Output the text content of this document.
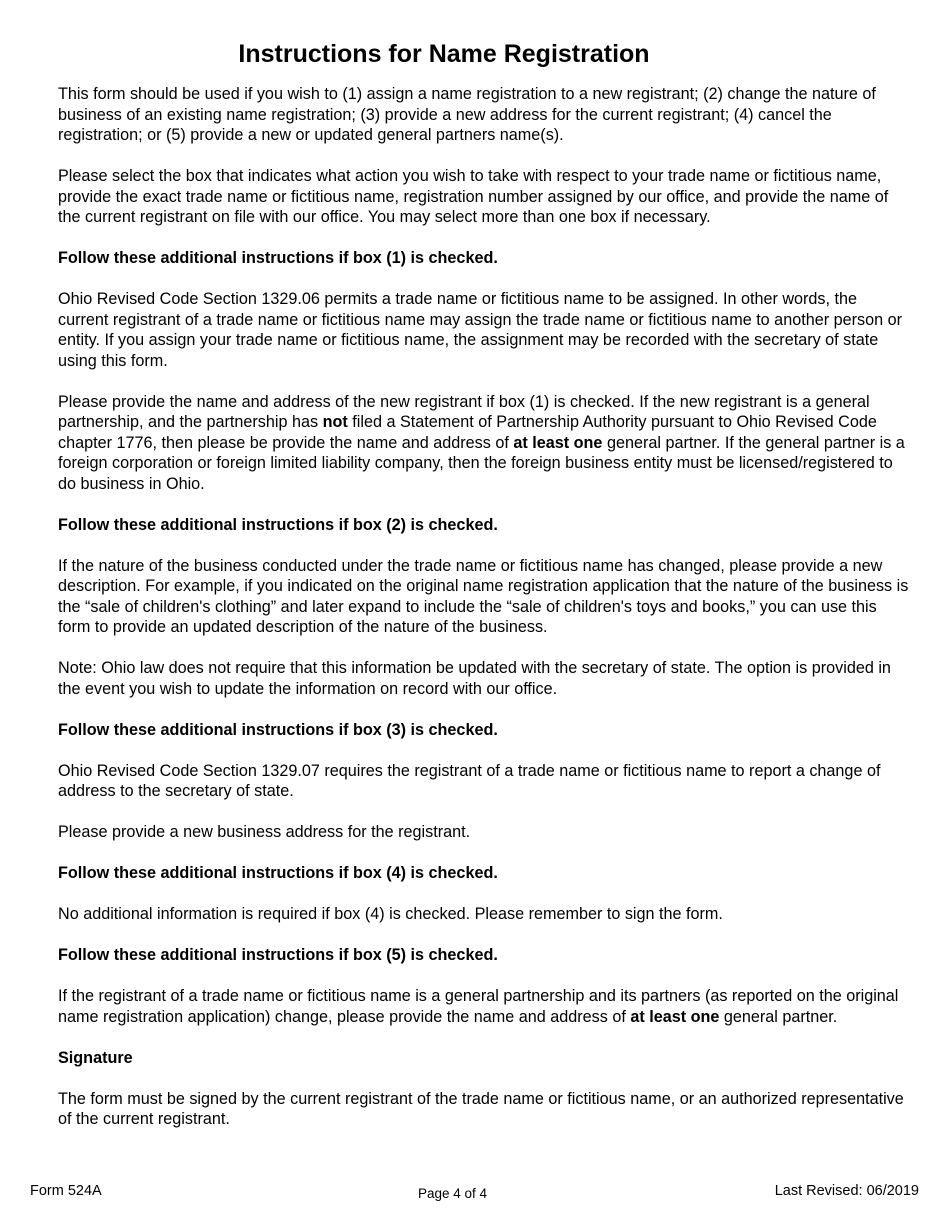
Instructions for Name Registration

This form should be used if you wish to (1) assign a name registration to a new registrant; (2) change the nature of business of an existing name registration; (3) provide a new address for the current registrant; (4) cancel the registration; or (5) provide a new or updated general partners name(s).

Please select the box that indicates what action you wish to take with respect to your trade name or fictitious name, provide the exact trade name or fictitious name, registration number assigned by our office, and provide the name of the current registrant on file with our office. You may select more than one box if necessary.

Follow these additional instructions if box (1) is checked.

Ohio Revised Code Section 1329.06 permits a trade name or fictitious name to be assigned. In other words, the current registrant of a trade name or fictitious name may assign the trade name or fictitious name to another person or entity. If you assign your trade name or fictitious name, the assignment may be recorded with the secretary of state using this form.

Please provide the name and address of the new registrant if box (1) is checked. If the new registrant is a general partnership, and the partnership has not filed a Statement of Partnership Authority pursuant to Ohio Revised Code chapter 1776, then please be provide the name and address of at least one general partner. If the general partner is a foreign corporation or foreign limited liability company, then the foreign business entity must be licensed/registered to do business in Ohio.

Follow these additional instructions if box (2) is checked.

If the nature of the business conducted under the trade name or fictitious name has changed, please provide a new description. For example, if you indicated on the original name registration application that the nature of the business is the “sale of children's clothing” and later expand to include the “sale of children's toys and books,” you can use this form to provide an updated description of the nature of the business.

Note: Ohio law does not require that this information be updated with the secretary of state. The option is provided in the event you wish to update the information on record with our office.

Follow these additional instructions if box (3) is checked.

Ohio Revised Code Section 1329.07 requires the registrant of a trade name or fictitious name to report a change of address to the secretary of state.

Please provide a new business address for the registrant.

Follow these additional instructions if box (4) is checked.

No additional information is required if box (4) is checked. Please remember to sign the form.

Follow these additional instructions if box (5) is checked.

If the registrant of a trade name or fictitious name is a general partnership and its partners (as reported on the original name registration application) change, please provide the name and address of at least one general partner.

Signature

The form must be signed by the current registrant of the trade name or fictitious name, or an authorized representative of the current registrant.

Form 524A	Page 4 of 4	Last Revised: 06/2019
